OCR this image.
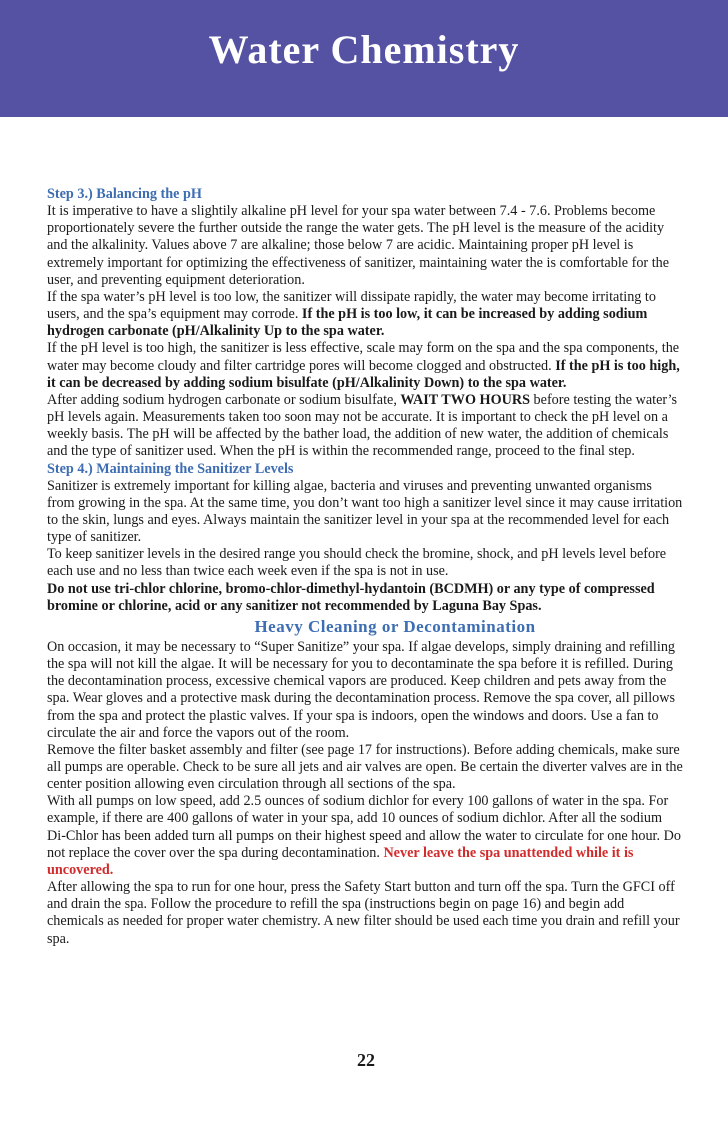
Water Chemistry

Step 3.) Balancing the pH

It is imperative to have a slightily alkaline pH level for your spa water between 7.4 - 7.6. Problems become proportionately severe the further outside the range the water gets. The pH level is the measure of the acidity and the alkalinity. Values above 7 are alkaline; those below 7 are acidic. Maintaining proper pH level is extremely important for optimizing the effectiveness of sanitizer, maintaining water the is comfortable for the user, and preventing equipment deterioration.

If the spa water’s pH level is too low, the sanitizer will dissipate rapidly, the water may become irritating to users, and the spa’s equipment may corrode. If the pH is too low, it can be increased by adding sodium hydrogen carbonate (pH/Alkalinity Up to the spa water.

If the pH level is too high, the sanitizer is less effective, scale may form on the spa and the spa components, the water may become cloudy and filter cartridge pores will become clogged and obstructed. If the pH is too high, it can be decreased by adding sodium bisulfate (pH/Alkalinity Down) to the spa water.

After adding sodium hydrogen carbonate or sodium bisulfate, WAIT TWO HOURS before testing the water’s pH levels again. Measurements taken too soon may not be accurate. It is important to check the pH level on a weekly basis. The pH will be affected by the bather load, the addition of new water, the addition of chemicals and the type of sanitizer used. When the pH is within the recommended range, proceed to the final step.

Step 4.) Maintaining the Sanitizer Levels

Sanitizer is extremely important for killing algae, bacteria and viruses and preventing unwanted organisms from growing in the spa. At the same time, you don’t want too high a sanitizer level since it may cause irritation to the skin, lungs and eyes. Always maintain the sanitizer level in your spa at the recommended level for each type of sanitizer.

To keep sanitizer levels in the desired range you should check the bromine, shock, and pH levels level before each use and no less than twice each week even if the spa is not in use.

Do not use tri-chlor chlorine, bromo-chlor-dimethyl-hydantoin (BCDMH) or any type of compressed bromine or chlorine, acid or any sanitizer not recommended by Laguna Bay Spas.

Heavy Cleaning or Decontamination

On occasion, it may be necessary to “Super Sanitize” your spa. If algae develops, simply draining and refilling the spa will not kill the algae. It will be necessary for you to decontaminate the spa before it is refilled. During the decontamination process, excessive chemical vapors are produced. Keep children and pets away from the spa. Wear gloves and a protective mask during the decontamination process. Remove the spa cover, all pillows from the spa and protect the plastic valves. If your spa is indoors, open the windows and doors. Use a fan to circulate the air and force the vapors out of the room.

Remove the filter basket assembly and filter (see page 17 for instructions). Before adding chemicals, make sure all pumps are operable. Check to be sure all jets and air valves are open. Be certain the diverter valves are in the center position allowing even circulation through all sections of the spa.

With all pumps on low speed, add 2.5 ounces of sodium dichlor for every 100 gallons of water in the spa. For example, if there are 400 gallons of water in your spa, add 10 ounces of sodium dichlor. After all the sodium Di-Chlor has been added turn all pumps on their highest speed and allow the water to circulate for one hour. Do not replace the cover over the spa during decontamination. Never leave the spa unattended while it is uncovered.

After allowing the spa to run for one hour, press the Safety Start button and turn off the spa. Turn the GFCI off and drain the spa. Follow the procedure to refill the spa (instructions begin on page 16) and begin add chemicals as needed for proper water chemistry. A new filter should be used each time you drain and refill your spa.

22
